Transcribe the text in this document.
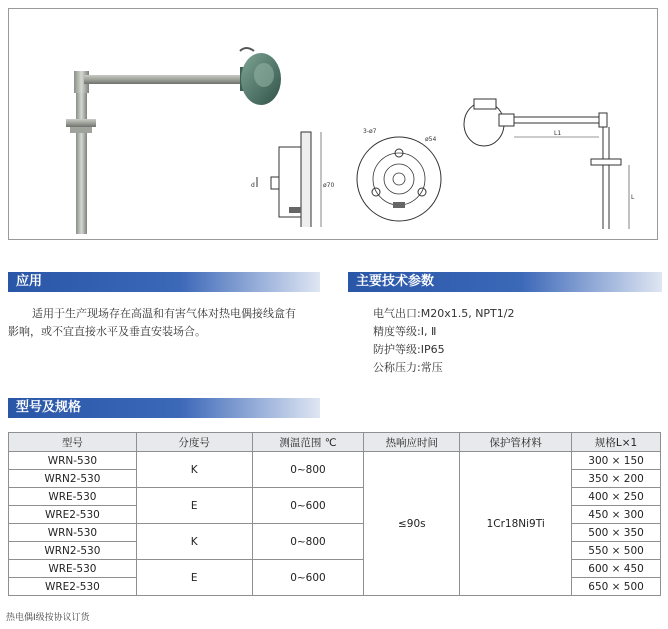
d	ø70
3-ø7
ø54
L1
L
应用
适用于生产现场存在高温和有害气体对热电偶接线盒有
影响，或不宜直接水平及垂直安装场合。
主要技术参数
电气出口:M20x1.5, NPT1/2
精度等级:Ⅰ, Ⅱ
防护等级:IP65
公称压力:常压
型号及规格
型号	分度号	测温范围 ℃	热响应时间	保护管材料	规格L×1
WRN-530	K	0~800	≤90s	1Cr18Ni9Ti	300 × 150
WRN2-530					350 × 200
WRE-530	E	0~600			400 × 250
WRE2-530					450 × 300
WRN-530	K	0~800			500 × 350
WRN2-530					550 × 500
WRE-530	E	0~600			600 × 450
WRE2-530					650 × 500
热电偶Ⅰ级按协议订货
